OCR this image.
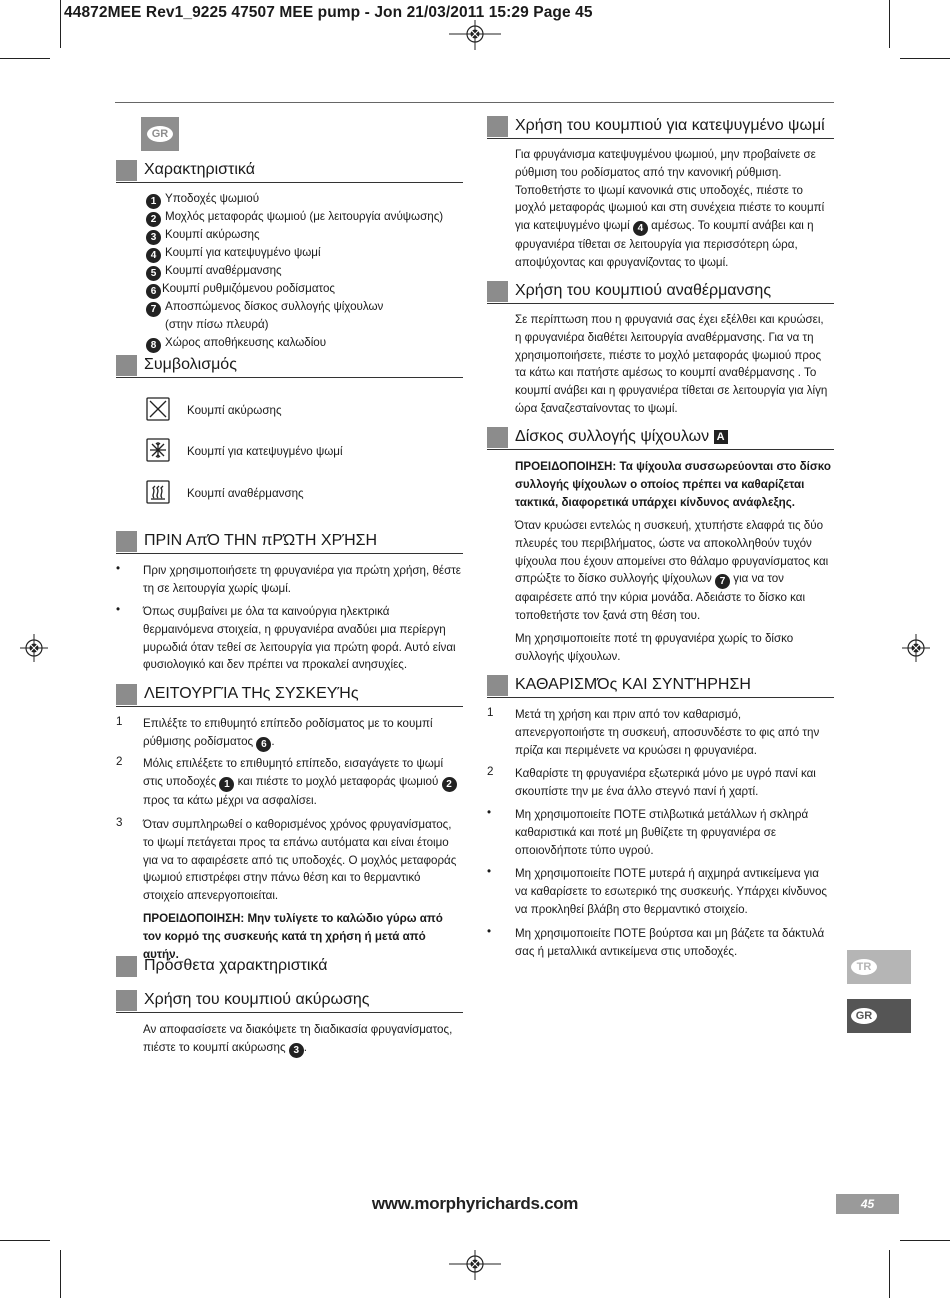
44872MEE Rev1_9225 47507 MEE pump - Jon 21/03/2011 15:29 Page 45
GR
Χαρακτηριστικά
1 Υποδοχές ψωμιού
2 Μοχλός μεταφοράς ψωμιού (με λειτουργία ανύψωσης)
3 Κουμπί ακύρωσης
4 Κουμπί για κατεψυγμένο ψωμί
5 Κουμπί αναθέρμανσης
6 Κουμπί ρυθμιζόμενου ροδίσματος
7 Αποσπώμενος δίσκος συλλογής ψίχουλων
(στην πίσω πλευρά)
8 Χώρος αποθήκευσης καλωδίου
Συμβολισμός
Κουμπί ακύρωσης
Κουμπί για κατεψυγμένο ψωμί
Κουμπί αναθέρμανσης
ΠΡΙΝ ΑπΌ ΤΗΝ πΡΏΤΗ ΧΡΉΣΗ
• Πριν χρησιμοποιήσετε τη φρυγανιέρα για πρώτη χρήση, θέστε τη σε λειτουργία χωρίς ψωμί.
• Όπως συμβαίνει με όλα τα καινούργια ηλεκτρικά θερμαινόμενα στοιχεία, η φρυγανιέρα αναδύει μια περίεργη μυρωδιά όταν τεθεί σε λειτουργία για πρώτη φορά. Αυτό είναι φυσιολογικό και δεν πρέπει να προκαλεί ανησυχίες.
ΛΕΙΤΟΥΡΓΊΑ ΤΗς ΣΥΣΚΕΥΉς
1 Επιλέξτε το επιθυμητό επίπεδο ροδίσματος με το κουμπί ρύθμισης ροδίσματος 6 .
2 Μόλις επιλέξετε το επιθυμητό επίπεδο, εισαγάγετε το ψωμί στις υποδοχές 1 και πιέστε το μοχλό μεταφοράς ψωμιού 2 προς τα κάτω μέχρι να ασφαλίσει.
3 Όταν συμπληρωθεί ο καθορισμένος χρόνος φρυγανίσματος, το ψωμί πετάγεται προς τα επάνω αυτόματα και είναι έτοιμο για να το αφαιρέσετε από τις υποδοχές. Ο μοχλός μεταφοράς ψωμιού επιστρέφει στην πάνω θέση και το θερμαντικό στοιχείο απενεργοποιείται.
ΠΡΟΕΙΔΟΠΟΙΗΣΗ: Μην τυλίγετε το καλώδιο γύρω από τον κορμό της συσκευής κατά τη χρήση ή μετά από αυτήν.
Πρόσθετα χαρακτηριστικά
Χρήση του κουμπιού ακύρωσης
Αν αποφασίσετε να διακόψετε τη διαδικασία φρυγανίσματος, πιέστε το κουμπί ακύρωσης 3 .
Χρήση του κουμπιού για κατεψυγμένο ψωμί
Για φρυγάνισμα κατεψυγμένου ψωμιού, μην προβαίνετε σε ρύθμιση του ροδίσματος από την κανονική ρύθμιση. Τοποθετήστε το ψωμί κανονικά στις υποδοχές, πιέστε το μοχλό μεταφοράς ψωμιού και στη συνέχεια πιέστε το κουμπί για κατεψυγμένο ψωμί 4 αμέσως. Το κουμπί ανάβει και η φρυγανιέρα τίθεται σε λειτουργία για περισσότερη ώρα, αποψύχοντας και φρυγανίζοντας το ψωμί.
Χρήση του κουμπιού αναθέρμανσης
Σε περίπτωση που η φρυγανιά σας έχει εξέλθει και κρυώσει, η φρυγανιέρα διαθέτει λειτουργία αναθέρμανσης. Για να τη χρησιμοποιήσετε, πιέστε το μοχλό μεταφοράς ψωμιού προς τα κάτω και πατήστε αμέσως το κουμπί αναθέρμανσης . Το κουμπί ανάβει και η φρυγανιέρα τίθεται σε λειτουργία για λίγη ώρα ξαναζεσταίνοντας το ψωμί.
Δίσκος συλλογής ψίχουλων A
ΠΡΟΕΙΔΟΠΟΙΗΣΗ: Τα ψίχουλα συσσωρεύονται στο δίσκο συλλογής ψίχουλων ο οποίος πρέπει να καθαρίζεται τακτικά, διαφορετικά υπάρχει κίνδυνος ανάφλεξης.
Όταν κρυώσει εντελώς η συσκευή, χτυπήστε ελαφρά τις δύο πλευρές του περιβλήματος, ώστε να αποκολληθούν τυχόν ψίχουλα που έχουν απομείνει στο θάλαμο φρυγανίσματος και σπρώξτε το δίσκο συλλογής ψίχουλων 7 για να τον αφαιρέσετε από την κύρια μονάδα. Αδειάστε το δίσκο και τοποθετήστε τον ξανά στη θέση του.
Μη χρησιμοποιείτε ποτέ τη φρυγανιέρα χωρίς το δίσκο συλλογής ψίχουλων.
ΚΑΘΑΡΙΣΜΌς ΚΑΙ ΣΥΝΤΉΡΗΣΗ
1 Μετά τη χρήση και πριν από τον καθαρισμό, απενεργοποιήστε τη συσκευή, αποσυνδέστε το φις από την πρίζα και περιμένετε να κρυώσει η φρυγανιέρα.
2 Καθαρίστε τη φρυγανιέρα εξωτερικά μόνο με υγρό πανί και σκουπίστε την με ένα άλλο στεγνό πανί ή χαρτί.
• Μη χρησιμοποιείτε ΠΟΤΕ στιλβωτικά μετάλλων ή σκληρά καθαριστικά και ποτέ μη βυθίζετε τη φρυγανιέρα σε οποιονδήποτε τύπο υγρού.
• Μη χρησιμοποιείτε ΠΟΤΕ μυτερά ή αιχμηρά αντικείμενα για να καθαρίσετε το εσωτερικό της συσκευής. Υπάρχει κίνδυνος να προκληθεί βλάβη στο θερμαντικό στοιχείο.
• Μη χρησιμοποιείτε ΠΟΤΕ βούρτσα και μη βάζετε τα δάκτυλά σας ή μεταλλικά αντικείμενα στις υποδοχές.
TR
GR
www.morphyrichards.com	45
